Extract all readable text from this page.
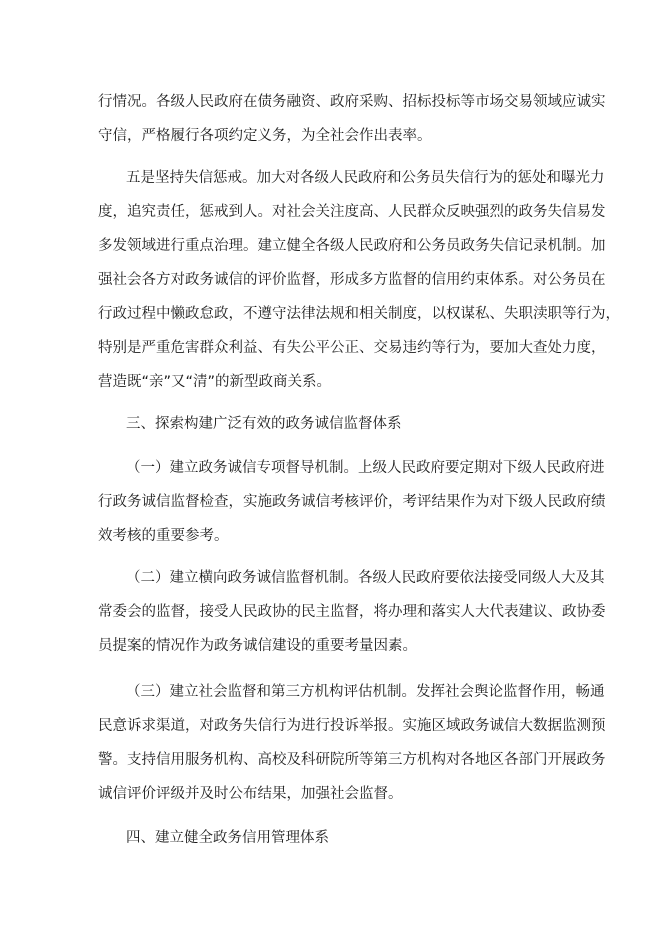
行情况。各级人民政府在债务融资、政府采购、招标投标等市场交易领域应诚实
守信，严格履行各项约定义务，为全社会作出表率。
五是坚持失信惩戒。加大对各级人民政府和公务员失信行为的惩处和曝光力
度，追究责任，惩戒到人。对社会关注度高、人民群众反映强烈的政务失信易发
多发领域进行重点治理。建立健全各级人民政府和公务员政务失信记录机制。加
强社会各方对政务诚信的评价监督，形成多方监督的信用约束体系。对公务员在
行政过程中懒政怠政，不遵守法律法规和相关制度，以权谋私、失职渎职等行为，
特别是严重危害群众利益、有失公平公正、交易违约等行为，要加大查处力度，
营造既“亲”又“清”的新型政商关系。
三、探索构建广泛有效的政务诚信监督体系
（一）建立政务诚信专项督导机制。上级人民政府要定期对下级人民政府进
行政务诚信监督检查，实施政务诚信考核评价，考评结果作为对下级人民政府绩
效考核的重要参考。
（二）建立横向政务诚信监督机制。各级人民政府要依法接受同级人大及其
常委会的监督，接受人民政协的民主监督，将办理和落实人大代表建议、政协委
员提案的情况作为政务诚信建设的重要考量因素。
（三）建立社会监督和第三方机构评估机制。发挥社会舆论监督作用，畅通
民意诉求渠道，对政务失信行为进行投诉举报。实施区域政务诚信大数据监测预
警。支持信用服务机构、高校及科研院所等第三方机构对各地区各部门开展政务
诚信评价评级并及时公布结果，加强社会监督。
四、建立健全政务信用管理体系
